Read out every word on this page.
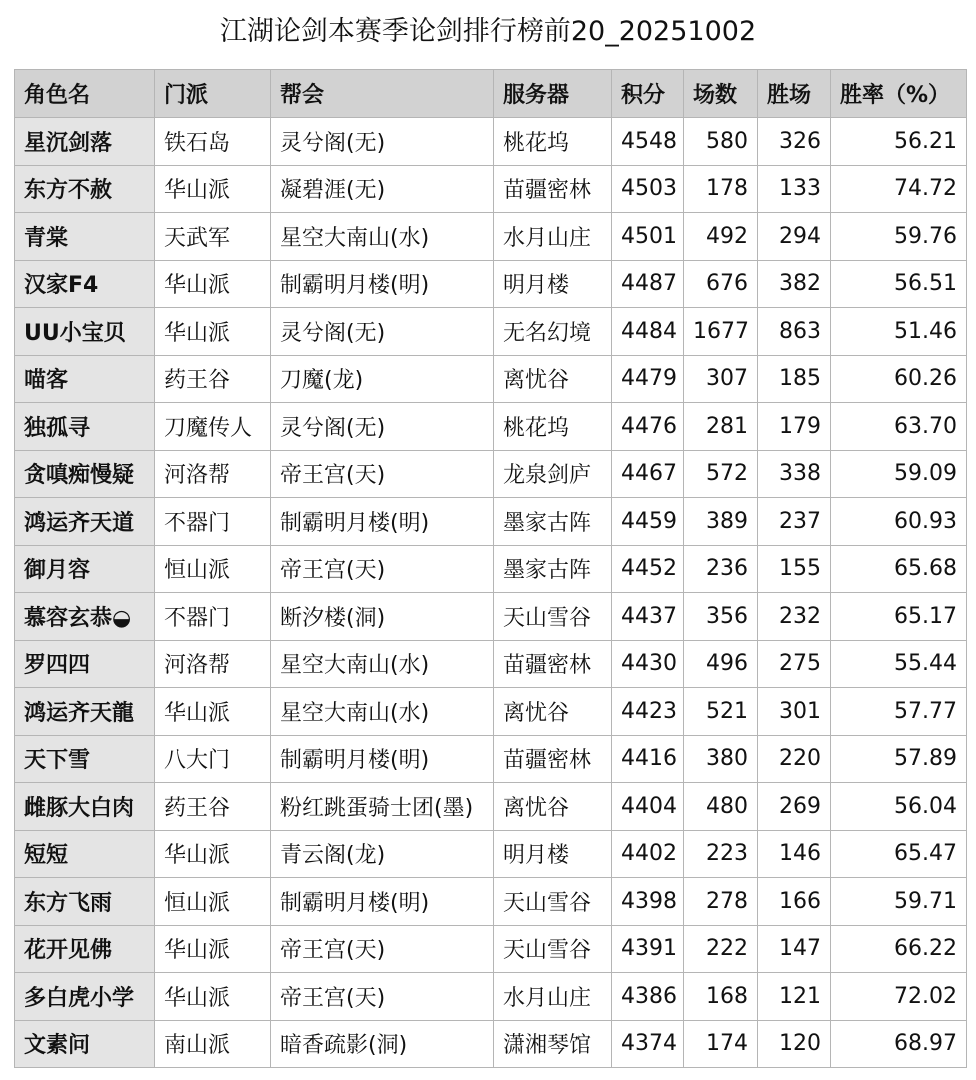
江湖论剑本赛季论剑排行榜前20_20251002
角色名	门派	帮会	服务器	积分	场数	胜场	胜率（%）
星沉剑落	铁石岛	灵兮阁(无)	桃花坞	4548	580	326	56.21
东方不赦	华山派	凝碧涯(无)	苗疆密林	4503	178	133	74.72
青棠	天武军	星空大南山(水)	水月山庄	4501	492	294	59.76
汉家F4	华山派	制霸明月楼(明)	明月楼	4487	676	382	56.51
UU小宝贝	华山派	灵兮阁(无)	无名幻境	4484	1677	863	51.46
喵客	药王谷	刀魔(龙)	离忧谷	4479	307	185	60.26
独孤寻	刀魔传人	灵兮阁(无)	桃花坞	4476	281	179	63.70
贪嗔痴慢疑	河洛帮	帝王宫(天)	龙泉剑庐	4467	572	338	59.09
鸿运齐天道	不器门	制霸明月楼(明)	墨家古阵	4459	389	237	60.93
御月容	恒山派	帝王宫(天)	墨家古阵	4452	236	155	65.68
慕容玄恭◒	不器门	断汐楼(洞)	天山雪谷	4437	356	232	65.17
罗四四	河洛帮	星空大南山(水)	苗疆密林	4430	496	275	55.44
鸿运齐天龍	华山派	星空大南山(水)	离忧谷	4423	521	301	57.77
天下雪	八大门	制霸明月楼(明)	苗疆密林	4416	380	220	57.89
雌豚大白肉	药王谷	粉红跳蛋骑士团(墨)	离忧谷	4404	480	269	56.04
短短	华山派	青云阁(龙)	明月楼	4402	223	146	65.47
东方飞雨	恒山派	制霸明月楼(明)	天山雪谷	4398	278	166	59.71
花开见佛	华山派	帝王宫(天)	天山雪谷	4391	222	147	66.22
多白虎小学	华山派	帝王宫(天)	水月山庄	4386	168	121	72.02
文素问	南山派	暗香疏影(洞)	潇湘琴馆	4374	174	120	68.97
